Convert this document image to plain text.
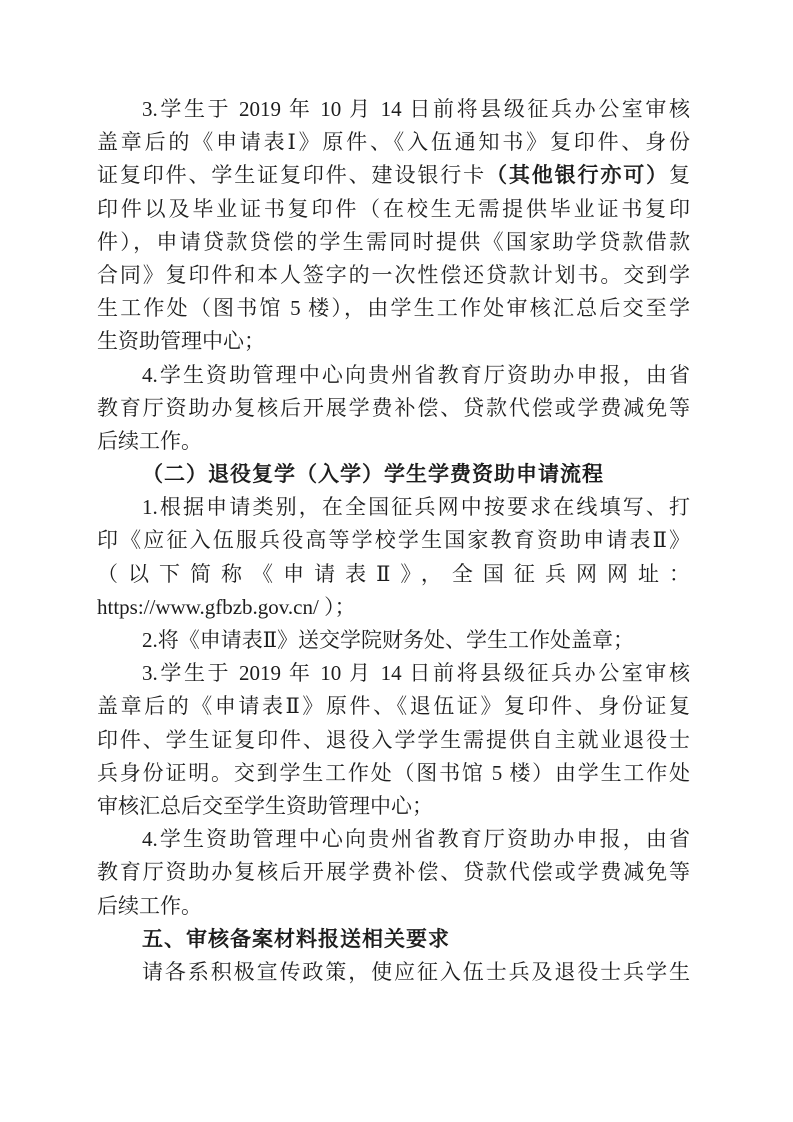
3.学生于 2019 年 10 月 14 日前将县级征兵办公室审核
盖章后的《申请表Ⅰ》原件、《入伍通知书》复印件、身份
证复印件、学生证复印件、建设银行卡（其他银行亦可）复
印件以及毕业证书复印件（在校生无需提供毕业证书复印
件），申请贷款贷偿的学生需同时提供《国家助学贷款借款
合同》复印件和本人签字的一次性偿还贷款计划书。交到学
生工作处（图书馆 5 楼），由学生工作处审核汇总后交至学
生资助管理中心；
4.学生资助管理中心向贵州省教育厅资助办申报，由省
教育厅资助办复核后开展学费补偿、贷款代偿或学费减免等
后续工作。
（二）退役复学（入学）学生学费资助申请流程
1.根据申请类别，在全国征兵网中按要求在线填写、打
印《应征入伍服兵役高等学校学生国家教育资助申请表Ⅱ》
（以下简称《申请表Ⅱ》，全国征兵网网址：
https://www.gfbzb.gov.cn/ ）；
2.将《申请表Ⅱ》送交学院财务处、学生工作处盖章；
3.学生于 2019 年 10 月 14 日前将县级征兵办公室审核
盖章后的《申请表Ⅱ》原件、《退伍证》复印件、身份证复
印件、学生证复印件、退役入学学生需提供自主就业退役士
兵身份证明。交到学生工作处（图书馆 5 楼）由学生工作处
审核汇总后交至学生资助管理中心；
4.学生资助管理中心向贵州省教育厅资助办申报，由省
教育厅资助办复核后开展学费补偿、贷款代偿或学费减免等
后续工作。
五、审核备案材料报送相关要求
请各系积极宣传政策，使应征入伍士兵及退役士兵学生
